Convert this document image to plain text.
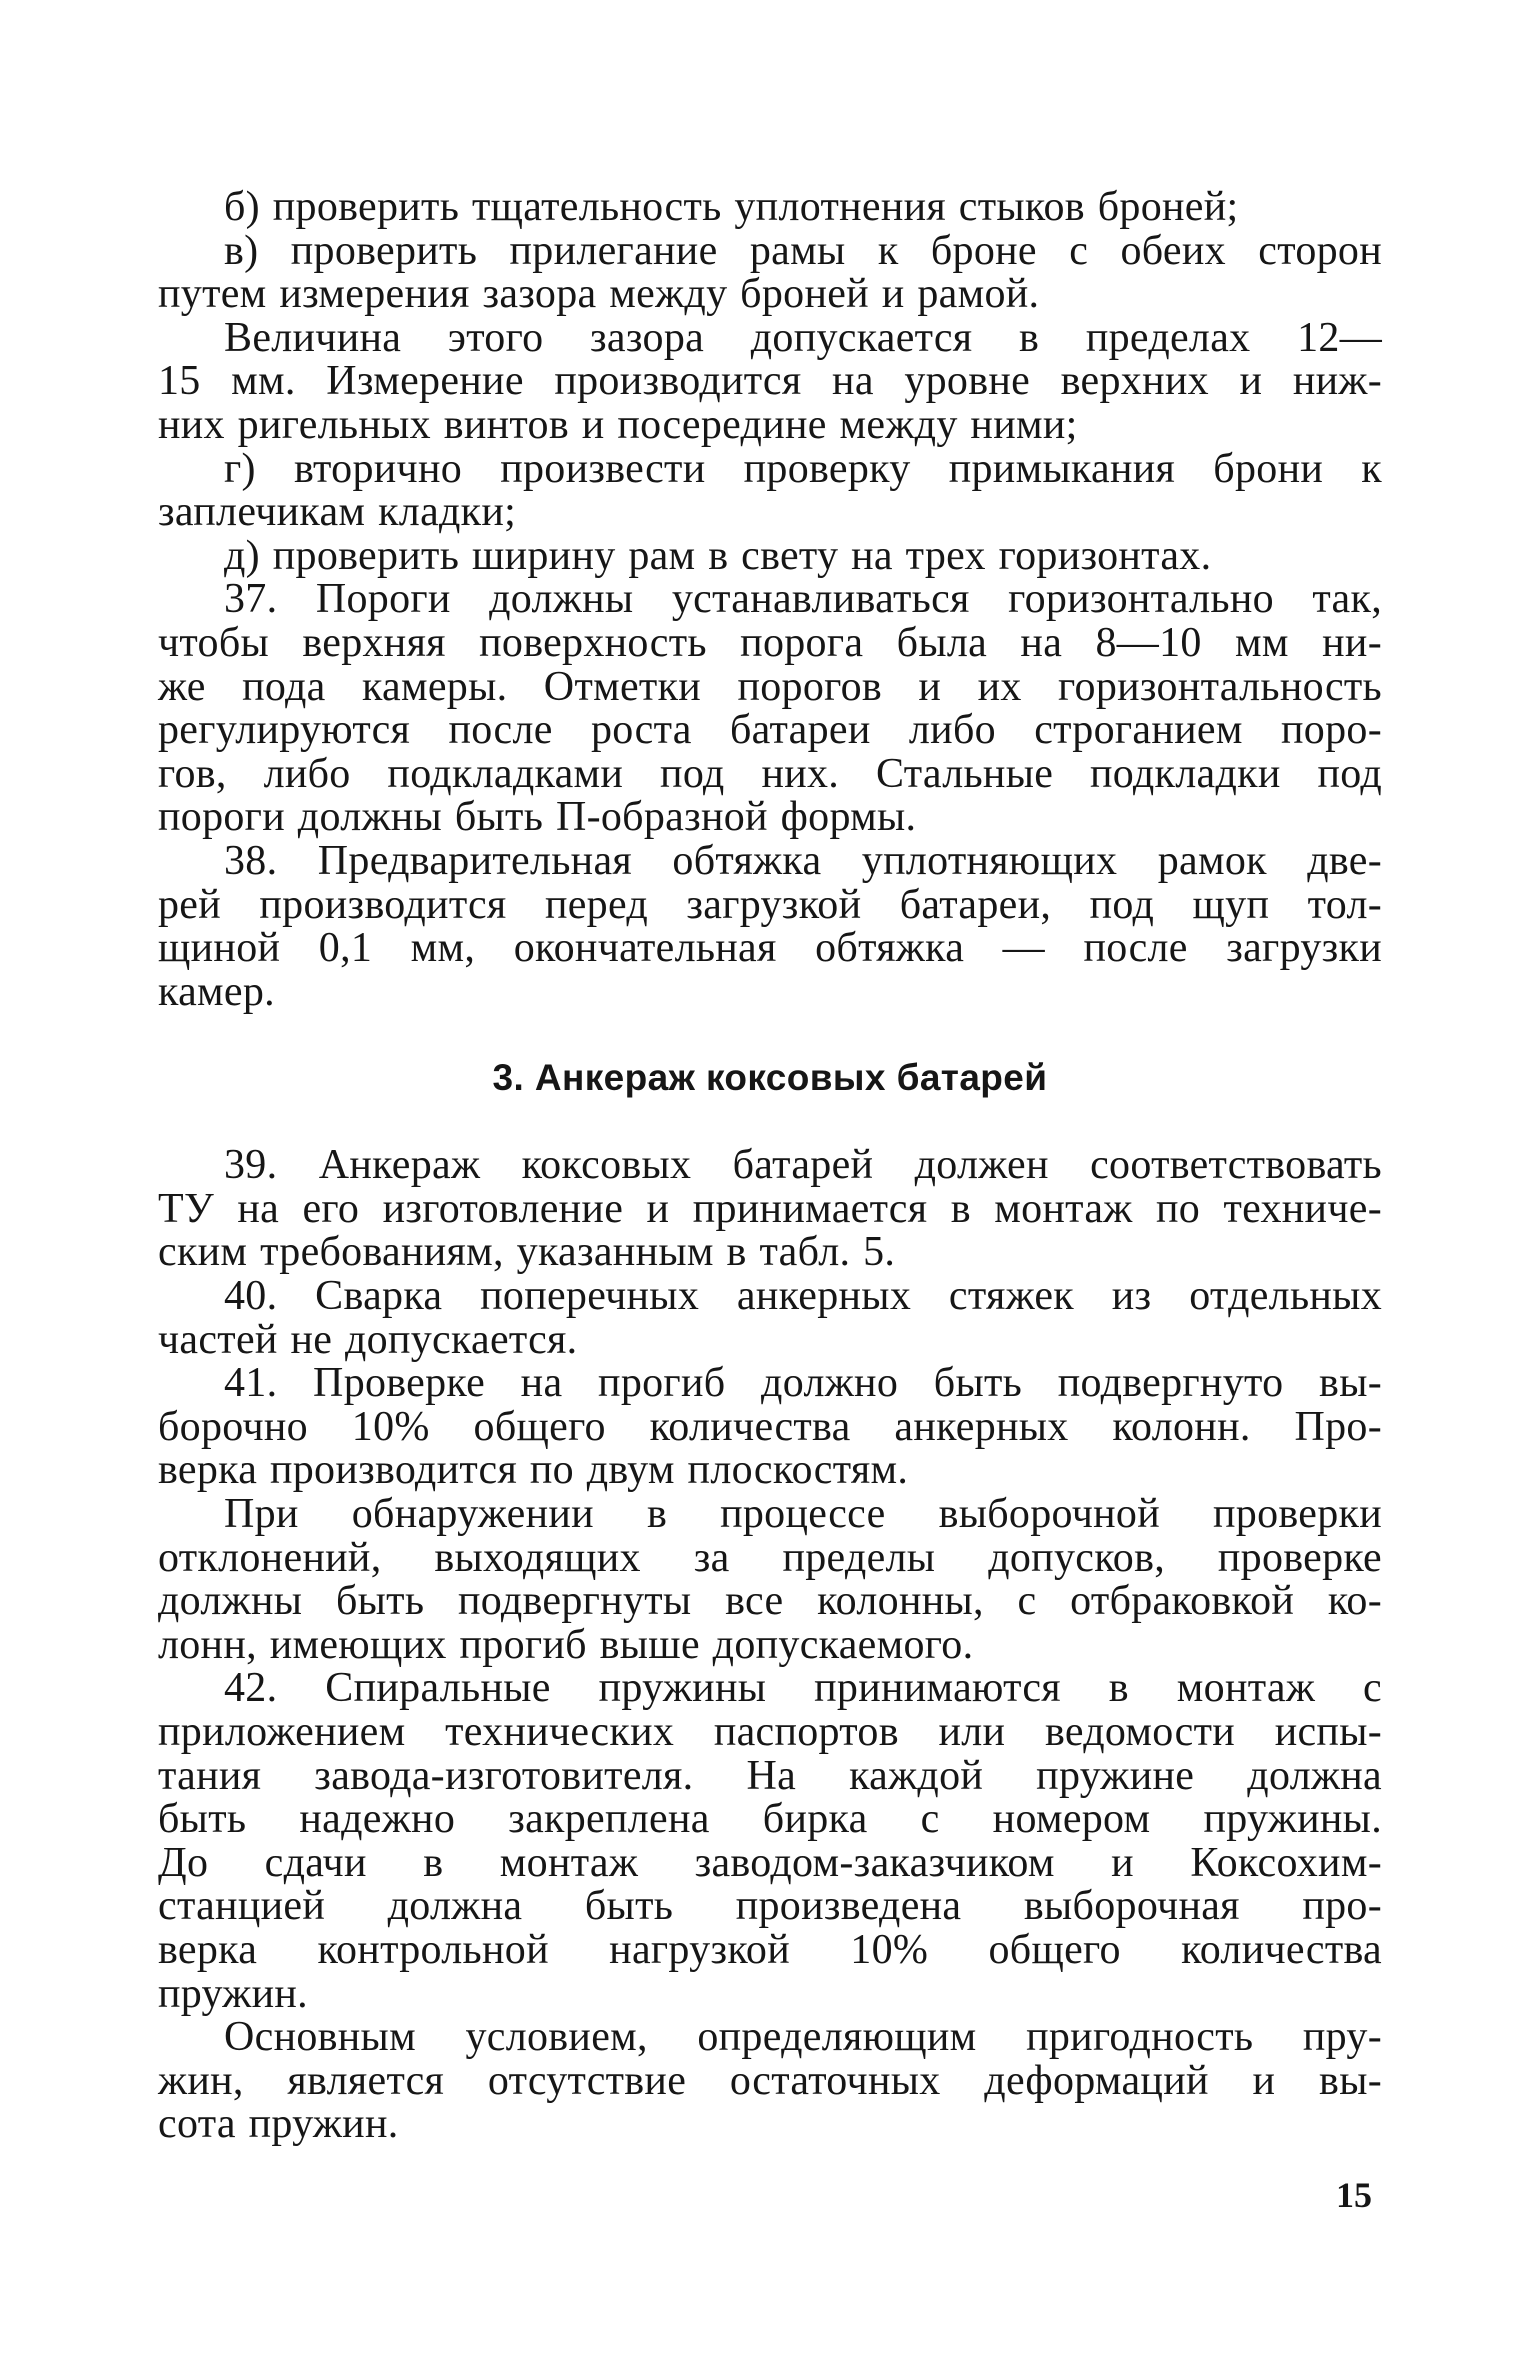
б) проверить тщательность уплотнения стыков броней;
в) проверить прилегание рамы к броне с обеих сторон
путем измерения зазора между броней и рамой.
Величина этого зазора допускается в пределах 12—
15 мм. Измерение производится на уровне верхних и ниж-
них ригельных винтов и посередине между ними;
г) вторично произвести проверку примыкания брони к
заплечикам кладки;
д) проверить ширину рам в свету на трех горизонтах.
37. Пороги должны устанавливаться горизонтально так,
чтобы верхняя поверхность порога была на 8—10 мм ни-
же пода камеры. Отметки порогов и их горизонтальность
регулируются после роста батареи либо строганием поро-
гов, либо подкладками под них. Стальные подкладки под
пороги должны быть П-образной формы.
38. Предварительная обтяжка уплотняющих рамок две-
рей производится перед загрузкой батареи, под щуп тол-
щиной 0,1 мм, окончательная обтяжка — после загрузки
камер.
3. Анкераж коксовых батарей
39. Анкераж коксовых батарей должен соответствовать
ТУ на его изготовление и принимается в монтаж по техниче-
ским требованиям, указанным в табл. 5.
40. Сварка поперечных анкерных стяжек из отдельных
частей не допускается.
41. Проверке на прогиб должно быть подвергнуто вы-
борочно 10% общего количества анкерных колонн. Про-
верка производится по двум плоскостям.
При обнаружении в процессе выборочной проверки
отклонений, выходящих за пределы допусков, проверке
должны быть подвергнуты все колонны, с отбраковкой ко-
лонн, имеющих прогиб выше допускаемого.
42. Спиральные пружины принимаются в монтаж с
приложением технических паспортов или ведомости испы-
тания завода-изготовителя. На каждой пружине должна
быть надежно закреплена бирка с номером пружины.
До сдачи в монтаж заводом-заказчиком и Коксохим-
станцией должна быть произведена выборочная про-
верка контрольной нагрузкой 10% общего количества
пружин.
Основным условием, определяющим пригодность пру-
жин, является отсутствие остаточных деформаций и вы-
сота пружин.
15
